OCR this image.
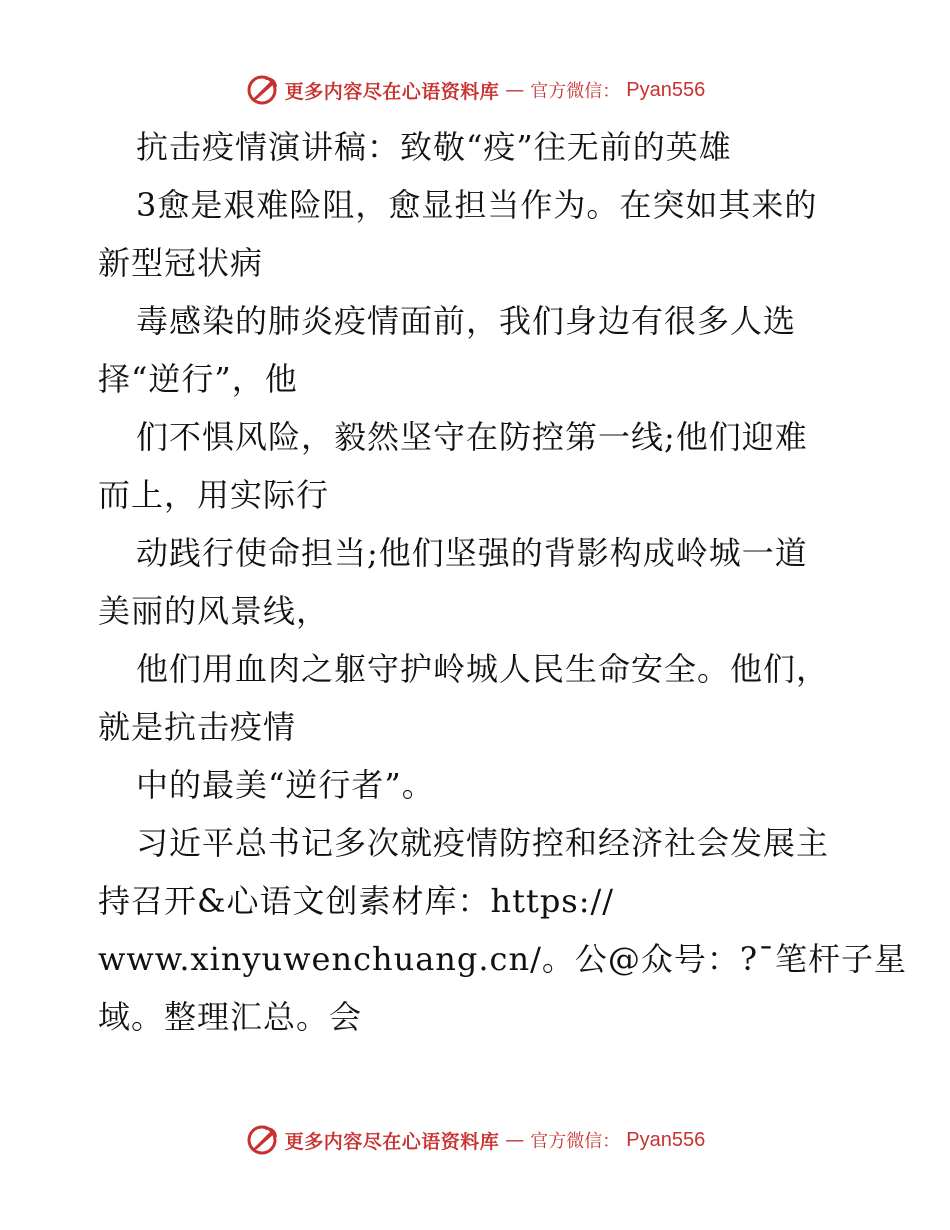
更多内容尽在心语资料库 — 官方微信： Pyan556
抗击疫情演讲稿：致敬“疫”往无前的英雄
3愈是艰难险阻，愈显担当作为。在突如其来的
新型冠状病
毒感染的肺炎疫情面前，我们身边有很多人选
择“逆行”，他
们不惧风险，毅然坚守在防控第一线;他们迎难
而上，用实际行
动践行使命担当;他们坚强的背影构成岭城一道
美丽的风景线，
他们用血肉之躯守护岭城人民生命安全。他们，
就是抗击疫情
中的最美“逆行者”。
习近平总书记多次就疫情防控和经济社会发展主
持召开&心语文创素材库：https://
www.xinyuwenchuang.cn/。公@众号：?¯笔杆子星
域。整理汇总。会
更多内容尽在心语资料库 — 官方微信： Pyan556
